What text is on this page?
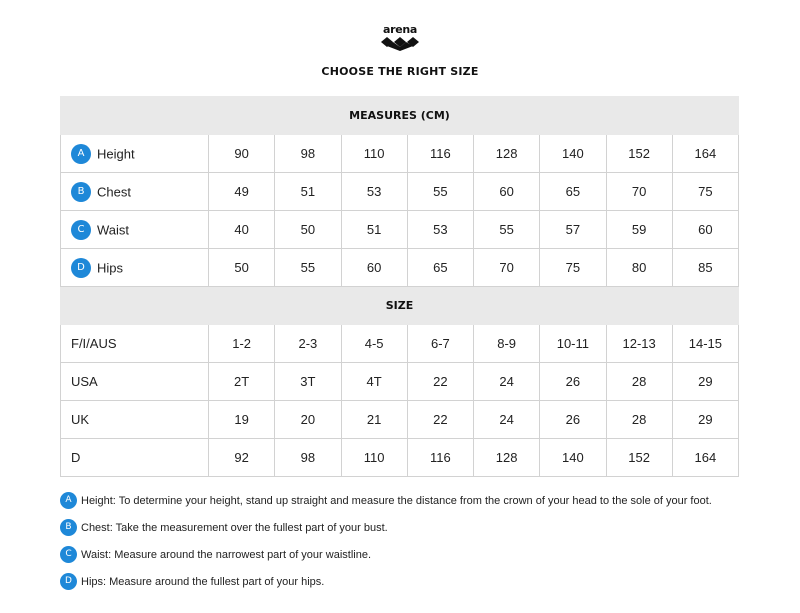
arena
CHOOSE THE RIGHT SIZE
MEASURES (CM)								
A Height	90	98	110	116	128	140	152	164
B Chest	49	51	53	55	60	65	70	75
C Waist	40	50	51	53	55	57	59	60
D Hips	50	55	60	65	70	75	80	85
SIZE								
F/I/AUS	1-2	2-3	4-5	6-7	8-9	10-11	12-13	14-15
USA	2T	3T	4T	22	24	26	28	29
UK	19	20	21	22	24	26	28	29
D	92	98	110	116	128	140	152	164
A Height: To determine your height, stand up straight and measure the distance from the crown of your head to the sole of your foot.
B Chest: Take the measurement over the fullest part of your bust.
C Waist: Measure around the narrowest part of your waistline.
D Hips: Measure around the fullest part of your hips.
